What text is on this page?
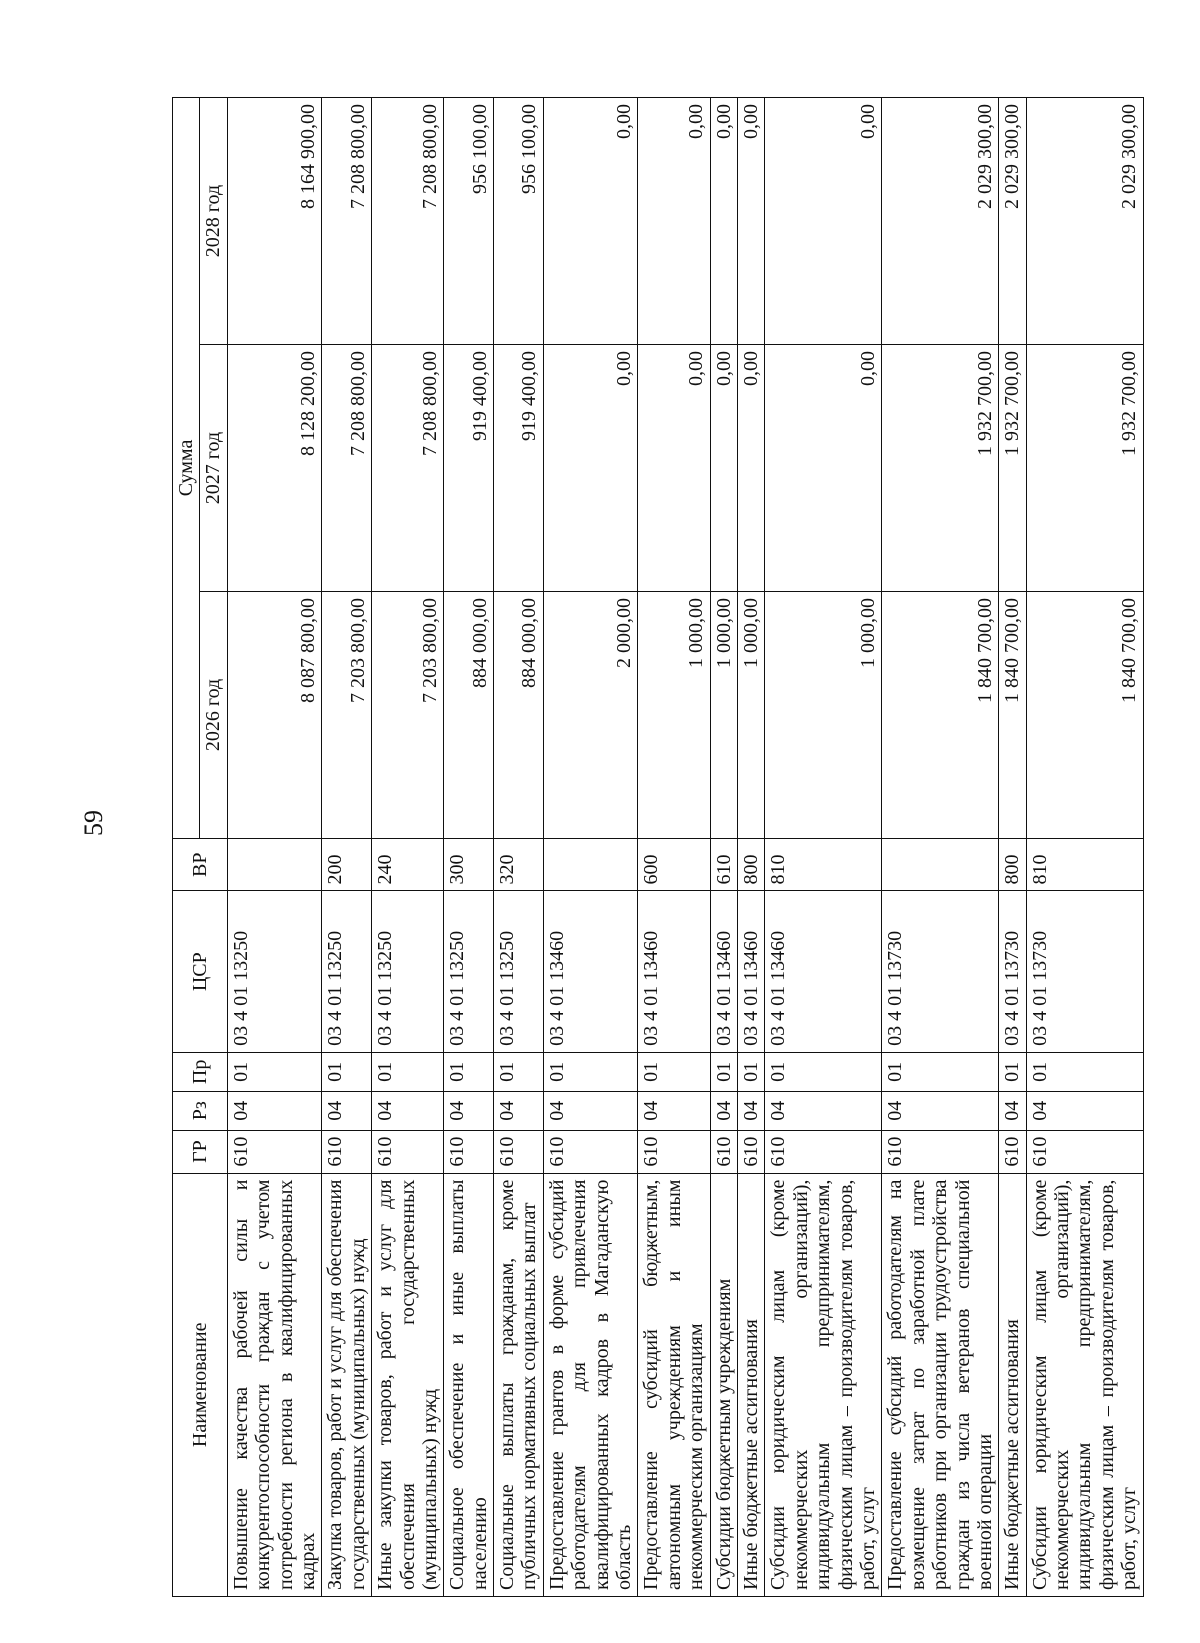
59
Наименование	ГР	Рз	Пр	ЦСР	ВР	Сумма		
						2026 год	2027 год	2028 год
Повышение качества рабочей силы и конкурентоспособности граждан с учетом потребности региона в квалифицированных кадрах	610	04	01	03 4 01 13250		8 087 800,00	8 128 200,00	8 164 900,00
Закупка товаров, работ и услуг для обеспечения государственных (муниципальных) нужд	610	04	01	03 4 01 13250	200	7 203 800,00	7 208 800,00	7 208 800,00
Иные закупки товаров, работ и услуг для обеспечения государственных (муниципальных) нужд	610	04	01	03 4 01 13250	240	7 203 800,00	7 208 800,00	7 208 800,00
Социальное обеспечение и иные выплаты населению	610	04	01	03 4 01 13250	300	884 000,00	919 400,00	956 100,00
Социальные выплаты гражданам, кроме публичных нормативных социальных выплат	610	04	01	03 4 01 13250	320	884 000,00	919 400,00	956 100,00
Предоставление грантов в форме субсидий работодателям для привлечения квалифицированных кадров в Магаданскую область	610	04	01	03 4 01 13460		2 000,00	0,00	0,00
Предоставление субсидий бюджетным, автономным учреждениям и иным некоммерческим организациям	610	04	01	03 4 01 13460	600	1 000,00	0,00	0,00
Субсидии бюджетным учреждениям	610	04	01	03 4 01 13460	610	1 000,00	0,00	0,00
Иные бюджетные ассигнования	610	04	01	03 4 01 13460	800	1 000,00	0,00	0,00
Субсидии юридическим лицам (кроме некоммерческих организаций), индивидуальным предпринимателям, физическим лицам – производителям товаров, работ, услуг	610	04	01	03 4 01 13460	810	1 000,00	0,00	0,00
Предоставление субсидий работодателям на возмещение затрат по заработной плате работников при организации трудоустройства граждан из числа ветеранов специальной военной операции	610	04	01	03 4 01 13730		1 840 700,00	1 932 700,00	2 029 300,00
Иные бюджетные ассигнования	610	04	01	03 4 01 13730	800	1 840 700,00	1 932 700,00	2 029 300,00
Субсидии юридическим лицам (кроме некоммерческих организаций), индивидуальным предпринимателям, физическим лицам – производителям товаров, работ, услуг	610	04	01	03 4 01 13730	810	1 840 700,00	1 932 700,00	2 029 300,00
